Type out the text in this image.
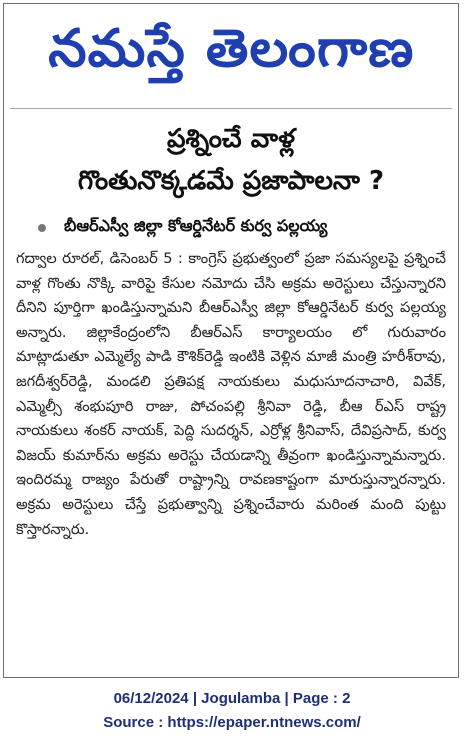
నమస్తే తెలంగాణ
ప్రశ్నించే వాళ్ల
గొంతునొక్కడమే ప్రజాపాలనా ?
బీఆర్‌ఎస్వీ జిల్లా కోఆర్డినేటర్ కుర్వ పల్లయ్య
గద్వాల రూరల్, డిసెంబర్ 5 : కాంగ్రెస్ ప్రభుత్వంలో ప్రజా సమస్యలపై ప్రశ్నించే వాళ్ల గొంతు నొక్కి వారిపై కేసుల నమోదు చేసి అక్రమ అరెస్టులు చేస్తున్నారని దీనిని పూర్తిగా ఖండిస్తున్నామని బీఆర్‌ఎస్వీ జిల్లా కోఆర్డినేటర్ కుర్వ పల్లయ్య అన్నారు. జిల్లాకేంద్రంలోని బీఆర్‌ఎస్ కార్యాలయం లో గురువారం మాట్లాడుతూ ఎమ్మెల్యే పాడి కౌశిక్‌రెడ్డి ఇంటికి వెళ్లిన మాజీ మంత్రి హరీశ్‌రావు, జగదీశ్వర్‌రెడ్డి, మండలి ప్రతిపక్ష నాయకులు మధుసూదనాచారి, వివేక్, ఎమ్మెల్సీ శంభుపూరి రాజు, పోచంపల్లి శ్రీనివా రెడ్డి, బీఆ ర్‌ఎస్ రాష్ట్ర నాయకులు శంకర్ నాయక్, పెద్ది సుదర్శన్, ఎర్రోళ్ల శ్రీనివాస్, దేవిప్రసాద్, కుర్వ విజయ్ కుమార్‌ను అక్రమ అరెస్టు చేయడాన్ని తీవ్రంగా ఖండిస్తున్నామన్నారు. ఇందిరమ్మ రాజ్యం పేరుతో రాష్ట్రాన్ని రావణకాష్టంగా మారుస్తున్నారన్నారు. అక్రమ అరెస్టులు చేస్తే ప్రభుత్వాన్ని ప్రశ్నించేవారు మరింత మంది పుట్టు కొస్తారన్నారు.
06/12/2024 | Jogulamba | Page : 2
Source : https://epaper.ntnews.com/
